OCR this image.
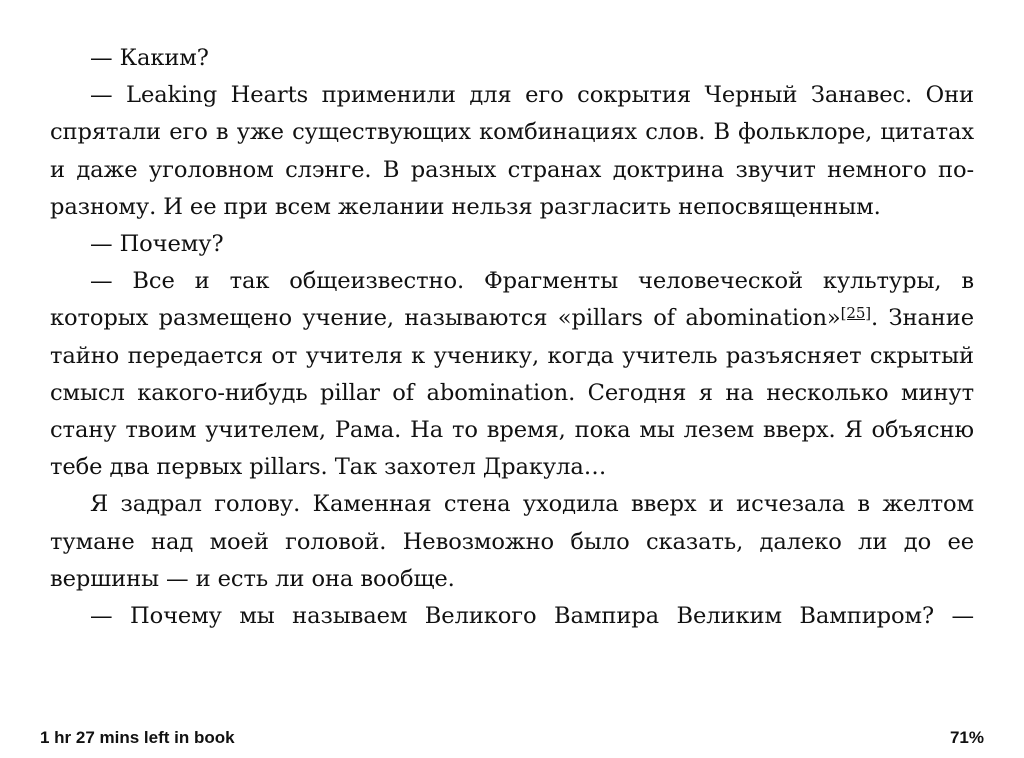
— Каким?

— Leaking Hearts применили для его сокрытия Черный Занавес. Они спрятали его в уже существующих комбинациях слов. В фольклоре, цитатах и даже уголовном слэнге. В разных странах доктрина звучит немного по-разному. И ее при всем желании нельзя разгласить непосвященным.

— Почему?

— Все и так общеизвестно. Фрагменты человеческой культуры, в которых размещено учение, называются «pillars of abomination»[25]. Знание тайно передается от учителя к ученику, когда учитель разъясняет скрытый смысл какого-нибудь pillar of abomination. Сегодня я на несколько минут стану твоим учителем, Рама. На то время, пока мы лезем вверх. Я объясню тебе два первых pillars. Так захотел Дракула…

Я задрал голову. Каменная стена уходила вверх и исчезала в желтом тумане над моей головой. Невозможно было сказать, далеко ли до ее вершины — и есть ли она вообще.

— Почему мы называем Великого Вампира Великим Вампиром? —

1 hr 27 mins left in book	71%
